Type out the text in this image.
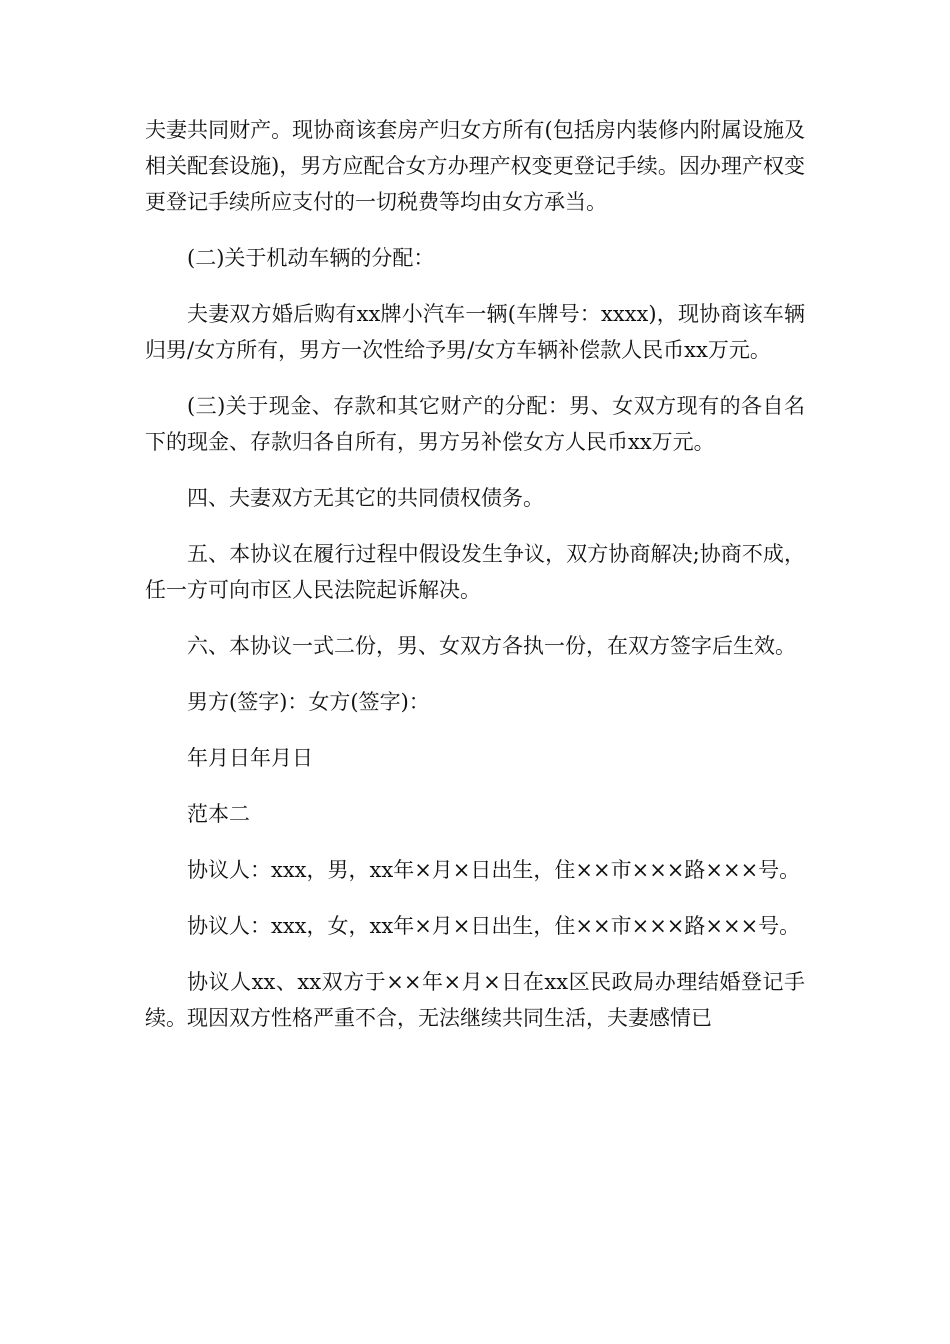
夫妻共同财产。现协商该套房产归女方所有(包括房内装修内附属设施及相关配套设施)，男方应配合女方办理产权变更登记手续。因办理产权变更登记手续所应支付的一切税费等均由女方承当。

(二)关于机动车辆的分配：

夫妻双方婚后购有xx牌小汽车一辆(车牌号：xxxx)，现协商该车辆归男/女方所有，男方一次性给予男/女方车辆补偿款人民币xx万元。

(三)关于现金、存款和其它财产的分配：男、女双方现有的各自名下的现金、存款归各自所有，男方另补偿女方人民币xx万元。

四、夫妻双方无其它的共同债权债务。

五、本协议在履行过程中假设发生争议，双方协商解决;协商不成，任一方可向市区人民法院起诉解决。

六、本协议一式二份，男、女双方各执一份，在双方签字后生效。

男方(签字)：女方(签字)：

年月日年月日

范本二

协议人：xxx，男，xx年×月×日出生，住××市×××路×××号。

协议人：xxx，女，xx年×月×日出生，住××市×××路×××号。

协议人xx、xx双方于××年×月×日在xx区民政局办理结婚登记手续。现因双方性格严重不合，无法继续共同生活，夫妻感情已
